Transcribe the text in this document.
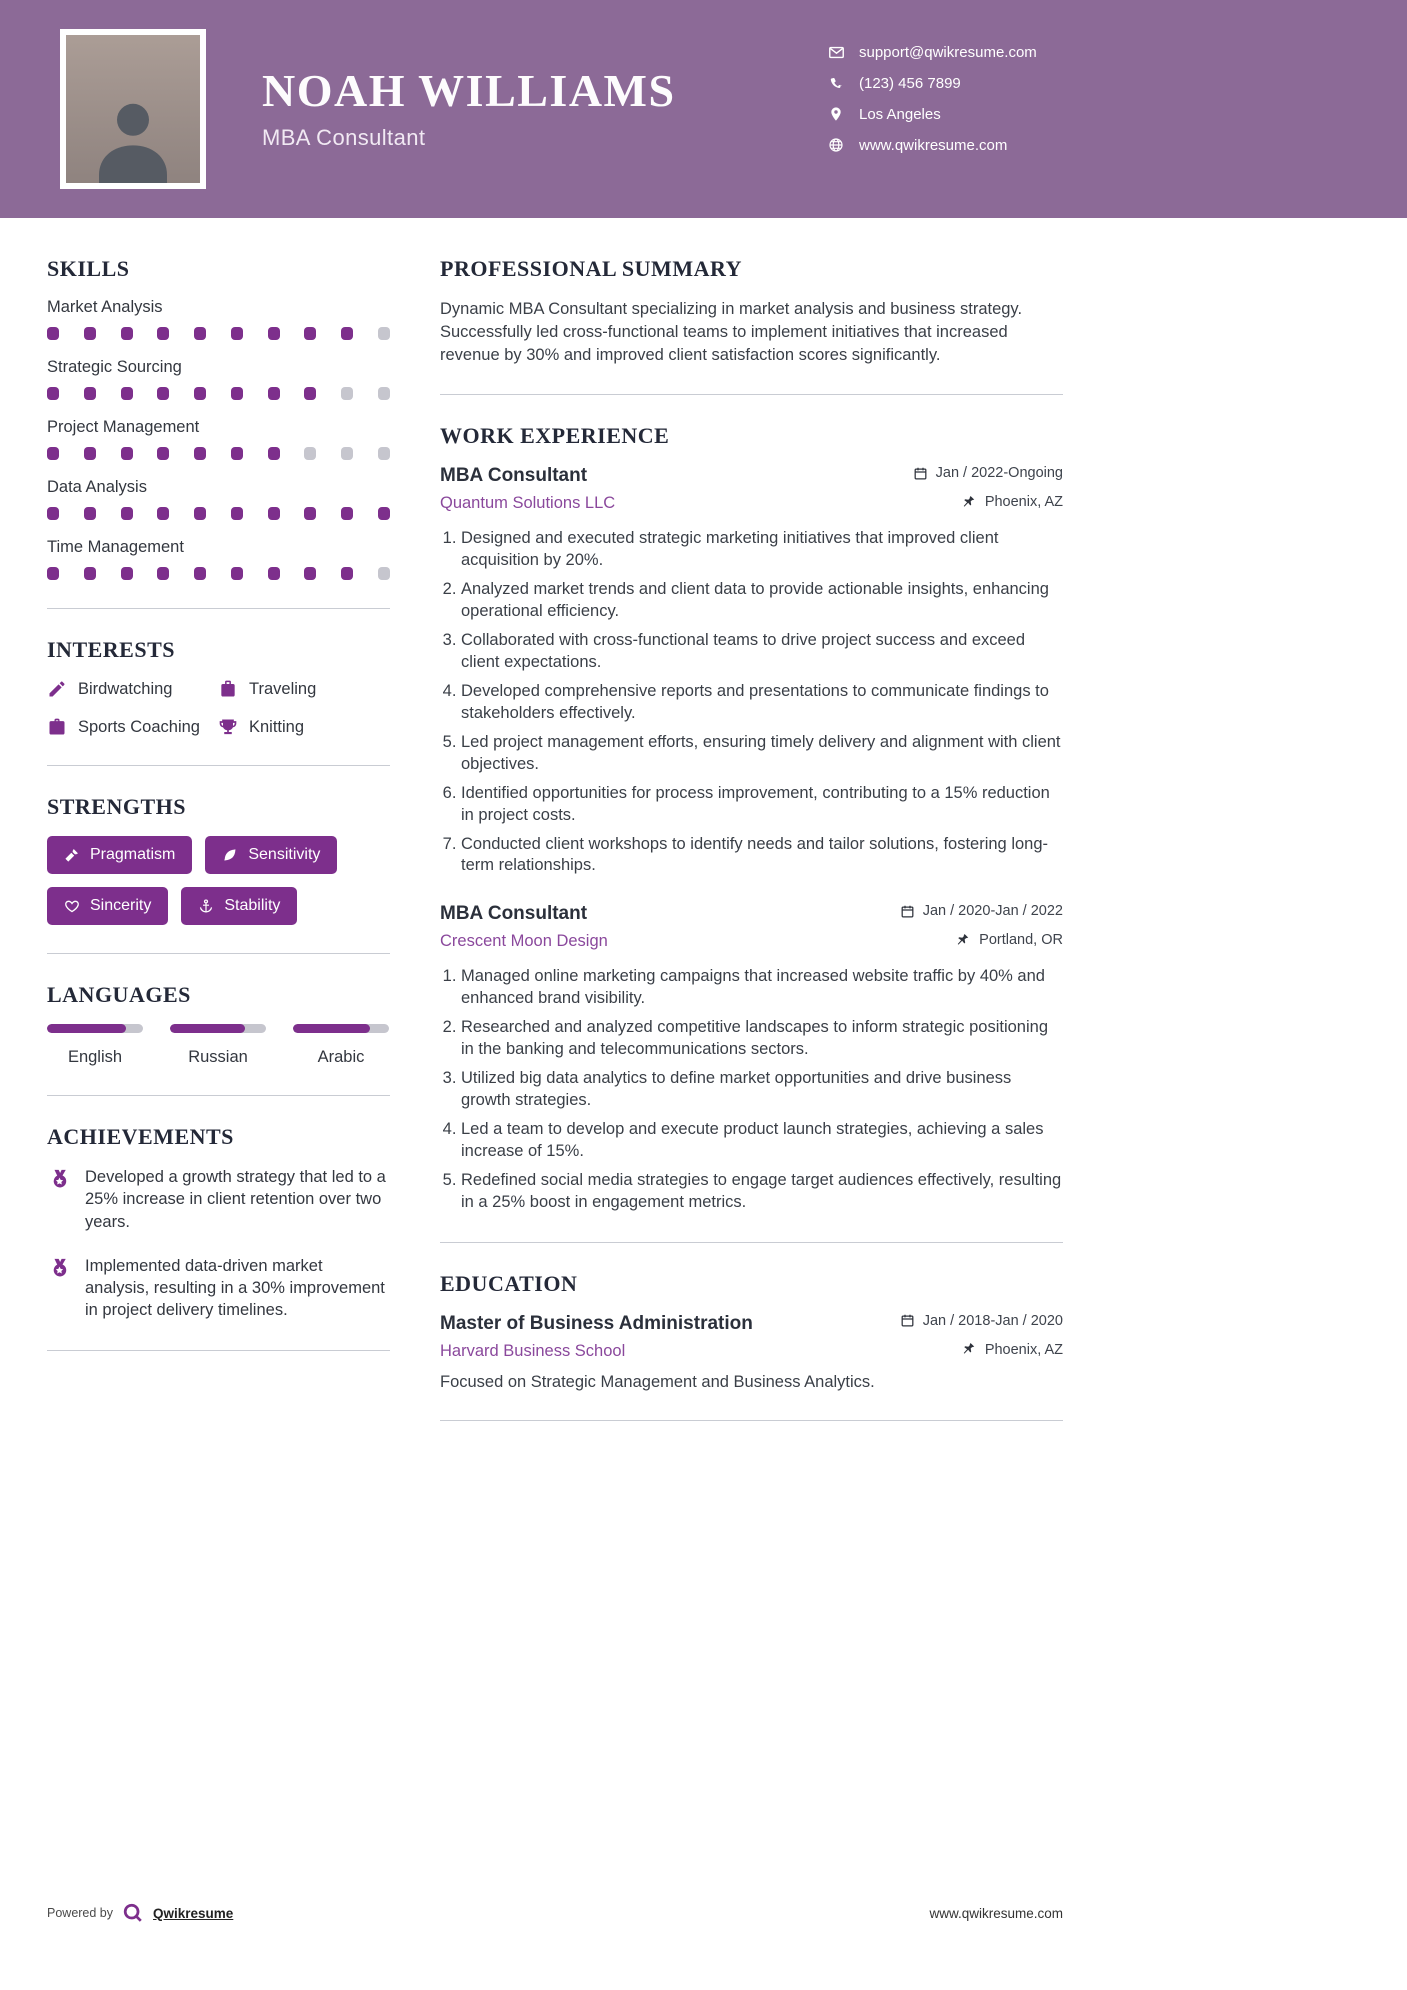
NOAH WILLIAMS
MBA Consultant
support@qwikresume.com
(123) 456 7899
Los Angeles
www.qwikresume.com
SKILLS
Market Analysis
Strategic Sourcing
Project Management
Data Analysis
Time Management
INTERESTS
Birdwatching	Traveling
Sports Coaching	Knitting
STRENGTHS
Pragmatism	Sensitivity
Sincerity	Stability
LANGUAGES
English	Russian	Arabic
ACHIEVEMENTS
Developed a growth strategy that led to a 25% increase in client retention over two years.
Implemented data-driven market analysis, resulting in a 30% improvement in project delivery timelines.
PROFESSIONAL SUMMARY

Dynamic MBA Consultant specializing in market analysis and business strategy. Successfully led cross-functional teams to implement initiatives that increased revenue by 30% and improved client satisfaction scores significantly.

WORK EXPERIENCE
MBA Consultant	Jan / 2022-Ongoing
Quantum Solutions LLC	Phoenix, AZ
1. Designed and executed strategic marketing initiatives that improved client acquisition by 20%.
2. Analyzed market trends and client data to provide actionable insights, enhancing operational efficiency.
3. Collaborated with cross-functional teams to drive project success and exceed client expectations.
4. Developed comprehensive reports and presentations to communicate findings to stakeholders effectively.
5. Led project management efforts, ensuring timely delivery and alignment with client objectives.
6. Identified opportunities for process improvement, contributing to a 15% reduction in project costs.
7. Conducted client workshops to identify needs and tailor solutions, fostering long-term relationships.
MBA Consultant	Jan / 2020-Jan / 2022
Crescent Moon Design	Portland, OR
1. Managed online marketing campaigns that increased website traffic by 40% and enhanced brand visibility.
2. Researched and analyzed competitive landscapes to inform strategic positioning in the banking and telecommunications sectors.
3. Utilized big data analytics to define market opportunities and drive business growth strategies.
4. Led a team to develop and execute product launch strategies, achieving a sales increase of 15%.
5. Redefined social media strategies to engage target audiences effectively, resulting in a 25% boost in engagement metrics.
EDUCATION
Master of Business Administration	Jan / 2018-Jan / 2020
Harvard Business School	Phoenix, AZ
Focused on Strategic Management and Business Analytics.
Powered by	Qwikresume	www.qwikresume.com
